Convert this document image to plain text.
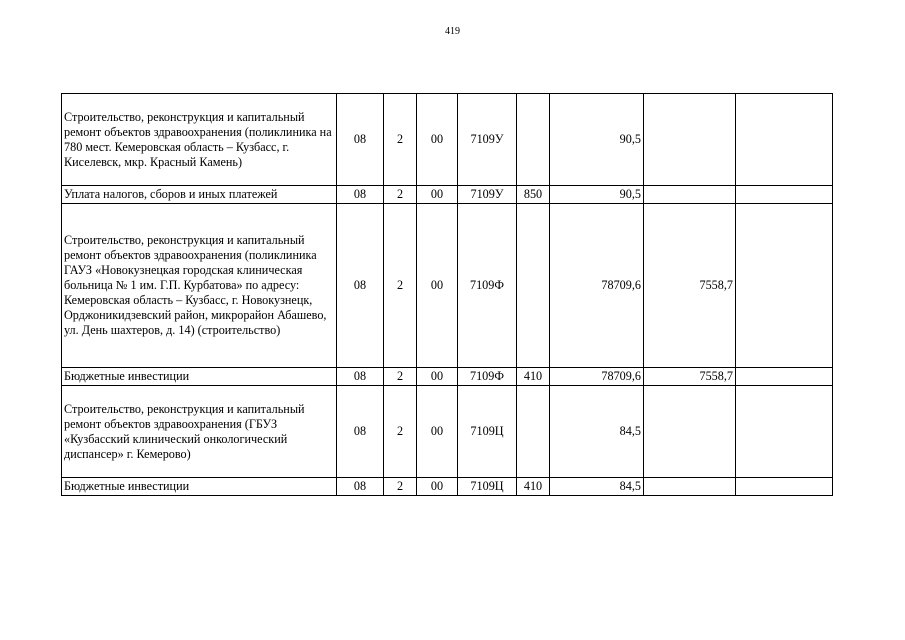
419
Строительство, реконструкция и капитальный ремонт объектов здравоохранения (поликлиника на 780 мест. Кемеровская область – Кузбасс, г. Киселевск, мкр. Красный Камень)	08	2	00	7109У		90,5		
Уплата налогов, сборов и иных платежей	08	2	00	7109У	850	90,5		
Строительство, реконструкция и капитальный ремонт объектов здравоохранения (поликлиника ГАУЗ «Новокузнецкая городская клиническая больница № 1 им. Г.П. Курбатова» по адресу: Кемеровская область – Кузбасс, г. Новокузнецк, Орджоникидзевский район, микрорайон Абашево, ул. День шахтеров, д. 14) (строительство)	08	2	00	7109Ф		78709,6	7558,7	
Бюджетные инвестиции	08	2	00	7109Ф	410	78709,6	7558,7	
Строительство, реконструкция и капитальный ремонт объектов здравоохранения (ГБУЗ «Кузбасский клинический онкологический диспансер» г. Кемерово)	08	2	00	7109Ц		84,5		
Бюджетные инвестиции	08	2	00	7109Ц	410	84,5		
